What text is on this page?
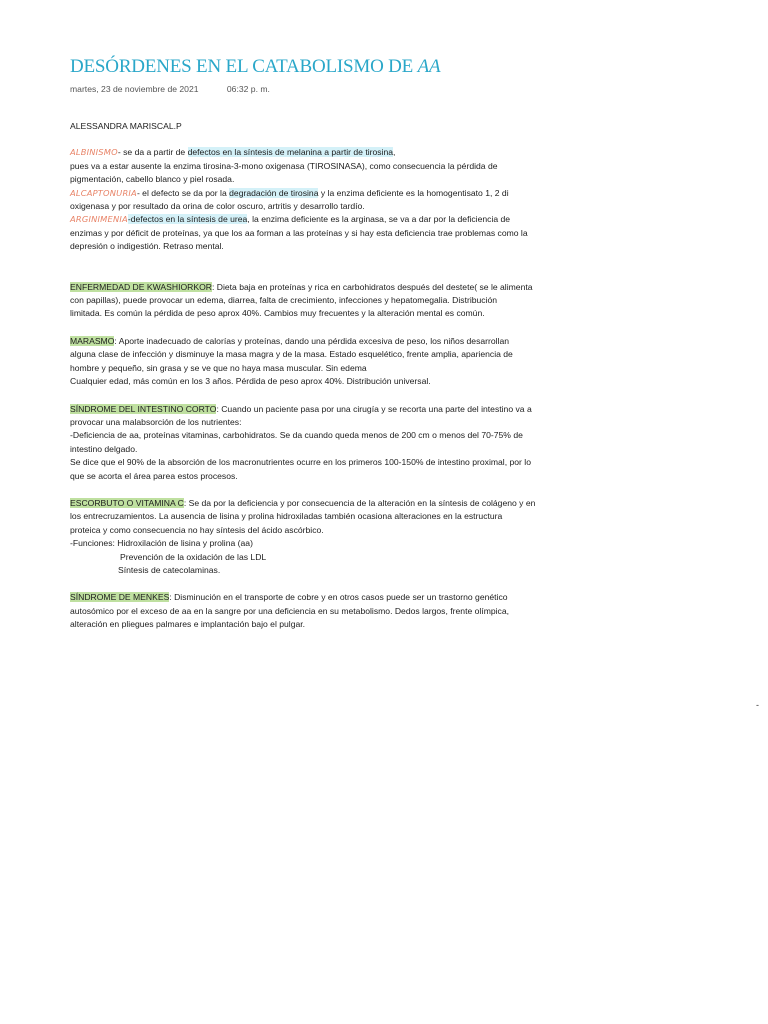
DESÓRDENES EN EL CATABOLISMO DE AA
martes, 23 de noviembre de 2021	06:32 p. m.

ALESSANDRA MARISCAL.P

ALBINISMO- se da a partir de defectos en la síntesis de melanina a partir de tirosina,

pues va a estar ausente la enzima tirosina-3-mono oxigenasa (TIROSINASA), como consecuencia la pérdida de

pigmentación, cabello blanco y piel rosada.

ALCAPTONURIA- el defecto se da por la degradación de tirosina y la enzima deficiente es la homogentisato 1, 2 di

oxigenasa y por resultado da orina de color oscuro, artritis y desarrollo tardío.

ARGINIMENIA-defectos en la síntesis de urea, la enzima deficiente es la arginasa, se va a dar por la deficiencia de

enzimas y por déficit de proteínas, ya que los aa forman a las proteínas y si hay esta deficiencia trae problemas como la

depresión o indigestión. Retraso mental.

ENFERMEDAD DE KWASHIORKOR: Dieta baja en proteínas y rica en carbohidratos después del destete( se le alimenta

con papillas), puede provocar un edema, diarrea, falta de crecimiento, infecciones y hepatomegalia. Distribución

limitada. Es común la pérdida de peso aprox 40%. Cambios muy frecuentes y la alteración mental es común.

MARASMO: Aporte inadecuado de calorías y proteínas, dando una pérdida excesiva de peso, los niños desarrollan

alguna clase de infección y disminuye la masa magra y de la masa. Estado esquelético, frente amplia, apariencia de

hombre y pequeño, sin grasa y se ve que no haya masa muscular. Sin edema

Cualquier edad, más común en los 3 años. Pérdida de peso aprox 40%. Distribución universal.

SÍNDROME DEL INTESTINO CORTO: Cuando un paciente pasa por una cirugía y se recorta una parte del intestino va a

provocar una malabsorción de los nutrientes:

-Deficiencia de aa, proteínas vitaminas, carbohidratos. Se da cuando queda menos de 200 cm o menos del 70-75% de

intestino delgado.

Se dice que el 90% de la absorción de los macronutrientes ocurre en los primeros 100-150% de intestino proximal, por lo

que se acorta el área parea estos procesos.

ESCORBUTO O VITAMINA C: Se da por la deficiencia y por consecuencia de la alteración en la síntesis de colágeno y en

los entrecruzamientos. La ausencia de lisina y prolina hidroxiladas también ocasiona alteraciones en la estructura

proteica y como consecuencia no hay síntesis del ácido ascórbico.

-Funciones: Hidroxilación de lisina y prolina (aa)

Prevención de la oxidación de las LDL

Síntesis de catecolaminas.

SÍNDROME DE MENKES: Disminución en el transporte de cobre y en otros casos puede ser un trastorno genético

autosómico por el exceso de aa en la sangre por una deficiencia en su metabolismo. Dedos largos, frente olímpica,

alteración en pliegues palmares e implantación bajo el pulgar.

-
